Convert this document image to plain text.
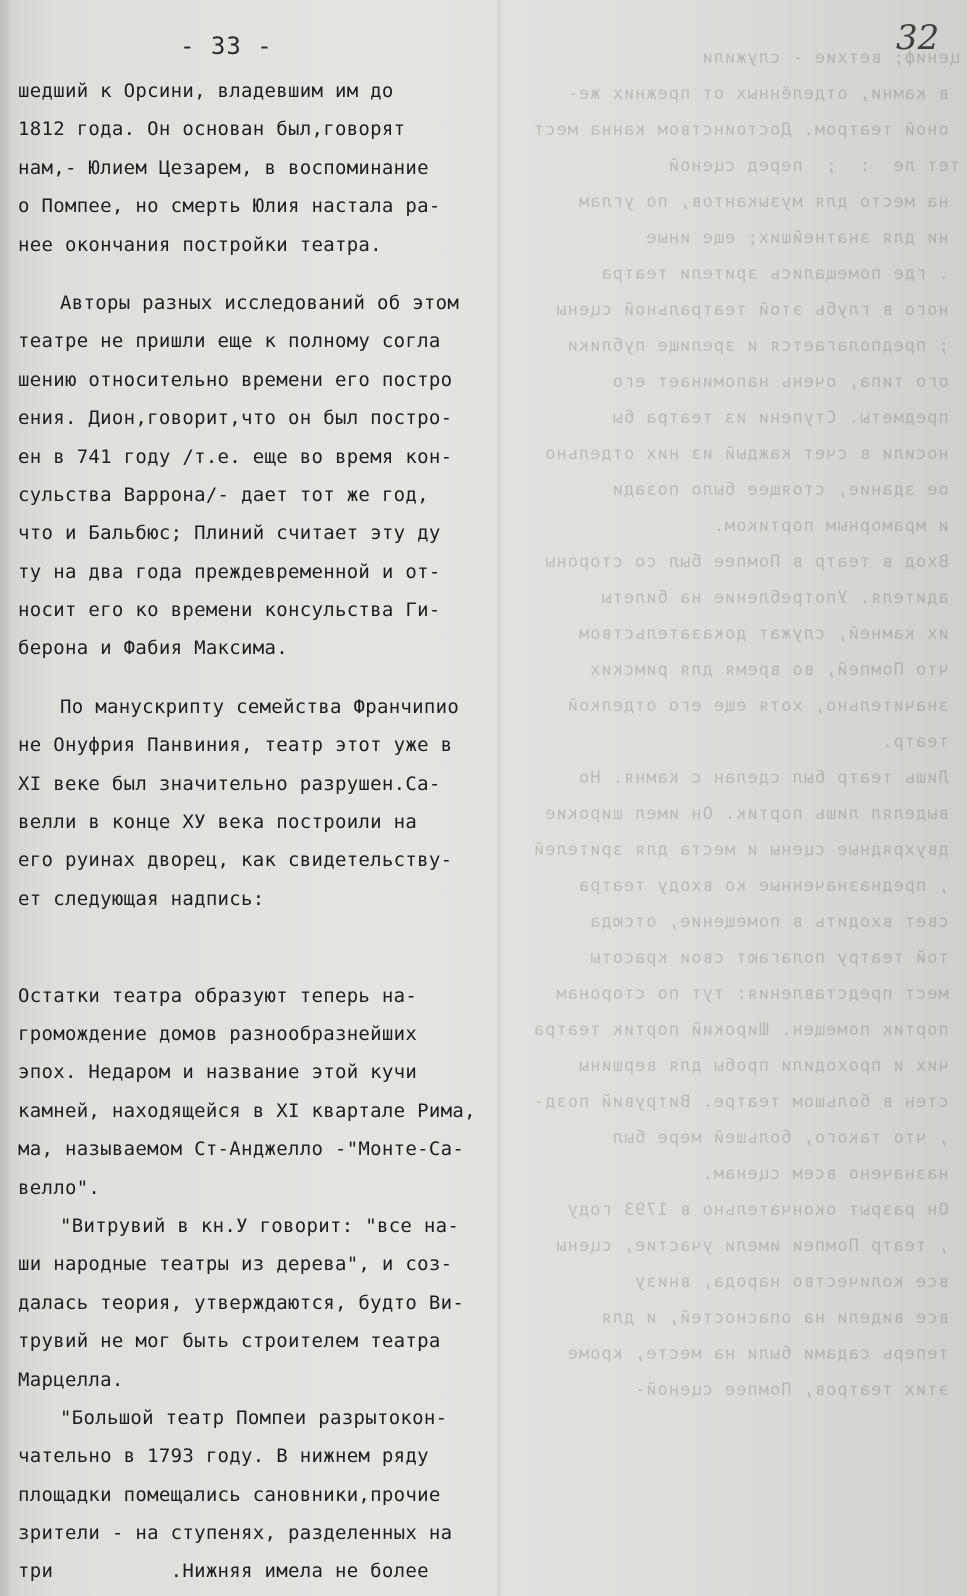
цениф; ветхие - служили
в камни, отделённых от прежних же-
оной театром. Достоинством канна мест
тет ле  :  ;  перед сценой
на место для музыкантов, по углам
ни для знатнейших; еще иные
. где помещались зрители театра
ного в глубь этой театральной сцены
; предполагается и зрелище публики
ого типа, очень напоминает его
предметы. Ступени из театра бы
носили в счет каждый из них отдельно
ое здание, стоящее было позади
и мраморным портиком.
Вход в театр в Помпее был со стороны
адителя. Употребление на билеты
их камней, служат доказательством
что Помпей, во время для римских
значительно, хотя еще его отделкой
театр.
Лишь театр был сделан с камня. Но
выделял лишь портик. Он имел широкие
двухрядные сцены и места для зрителей
, предназначенные ко входу театра
свет входить в помещение, отсюда
той театру полагают свои красоты
мест представления: тут по сторонам
портик помещен. Широкий портик театра
чих и проходили пробы для вершины
стен в большом театре. Витрувий позд-
, что такого, большей мере был
назначено всем сценам.
Он разрыт окончательно в 1793 году
, театр Помпеи имели участие, сцены
все количество народа, внизу
все видели на опасностей, и для
теперь садами были на месте, кроме
этих театров, Помпее сценой-
- 33 -	32
шедший к Орсини, владевшим им до
1812 года. Он основан был,говорят
нам,- Юлием Цезарем, в воспоминание
о Помпее, но смерть Юлия настала ра-
нее окончания постройки театра.
Авторы разных исследований об этом
театре не пришли еще к полному согла
шению относительно времени его постро
ения. Дион,говорит,что он был постро-
ен в 741 году /т.е. еще во время кон-
сульства Варрона/- дает тот же год,
что и Бальбюс; Плиний считает эту ду
ту на два года преждевременной и от-
носит его ко времени консульства Ги-
берона и Фабия Максима.
По манускрипту семейства Франчипио
не Онуфрия Панвиния, театр этот уже в
XI веке был значительно разрушен.Са-
велли в конце XУ века построили на
его руинах дворец, как свидетельству-
ет следующая надпись:
Остатки театра образуют теперь на-
громождение домов разнообразнейших
эпох. Недаром и название этой кучи
камней, находящейся в XI квартале Рима,
ма, называемом Ст-Анджелло -"Монте-Са-
велло".
"Витрувий в кн.У говорит: "все на-
ши народные театры из дерева", и соз-
далась теория, утверждаются, будто Ви-
трувий не мог быть строителем театра
Марцелла.
"Большой театр Помпеи разрытокон-
чательно в 1793 году. В нижнем ряду
площадки помещались сановники,прочие
зрители - на ступенях, разделенных на
три          .Нижняя имела не более
